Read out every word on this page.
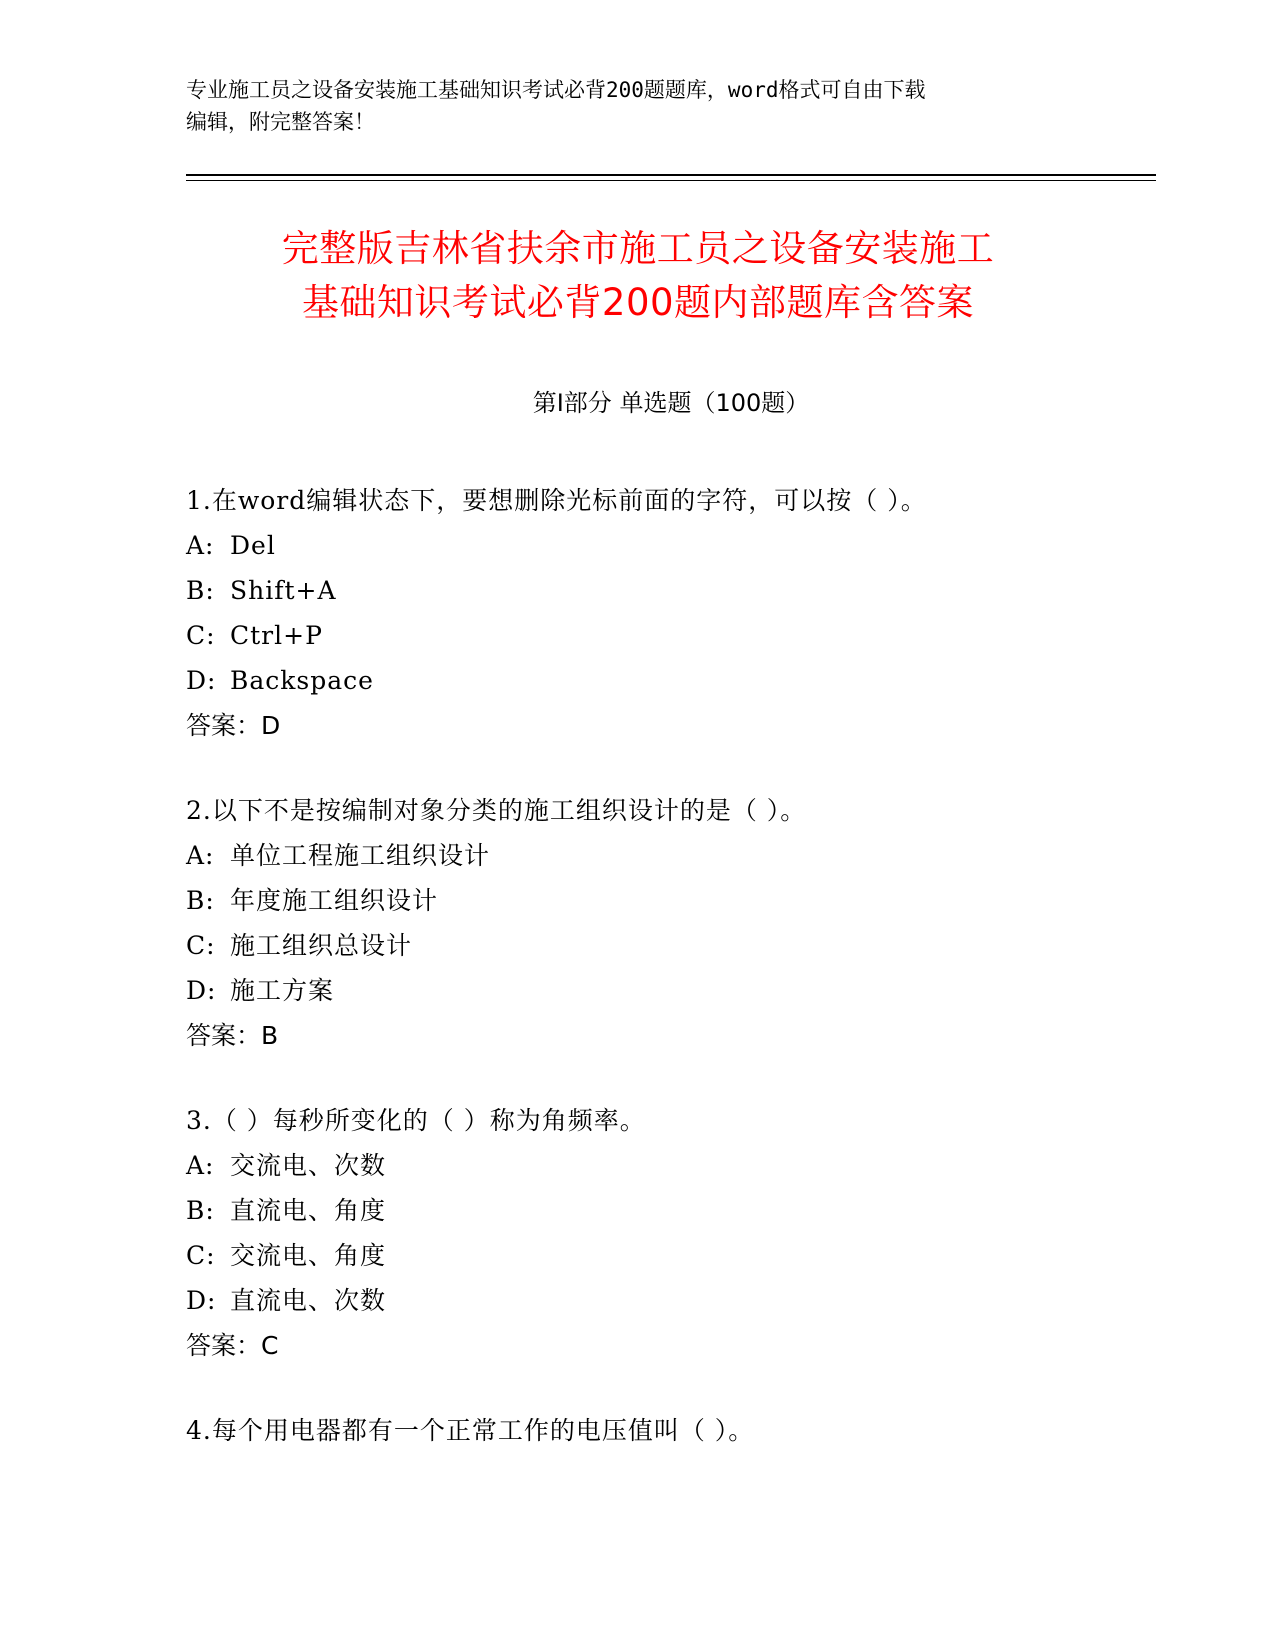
专业施工员之设备安装施工基础知识考试必背200题题库，word格式可自由下载
编辑，附完整答案！
完整版吉林省扶余市施工员之设备安装施工
基础知识考试必背200题内部题库含答案
第Ⅰ部分 单选题（100题）
1.在word编辑状态下，要想删除光标前面的字符，可以按（ ）。
A: Del
B: Shift+A
C: Ctrl+P
D: Backspace
答案：D
2.以下不是按编制对象分类的施工组织设计的是（ ）。
A: 单位工程施工组织设计
B: 年度施工组织设计
C: 施工组织总设计
D: 施工方案
答案：B
3.（ ）每秒所变化的（ ）称为角频率。
A: 交流电、次数
B: 直流电、角度
C: 交流电、角度
D: 直流电、次数
答案：C
4.每个用电器都有一个正常工作的电压值叫（ ）。
